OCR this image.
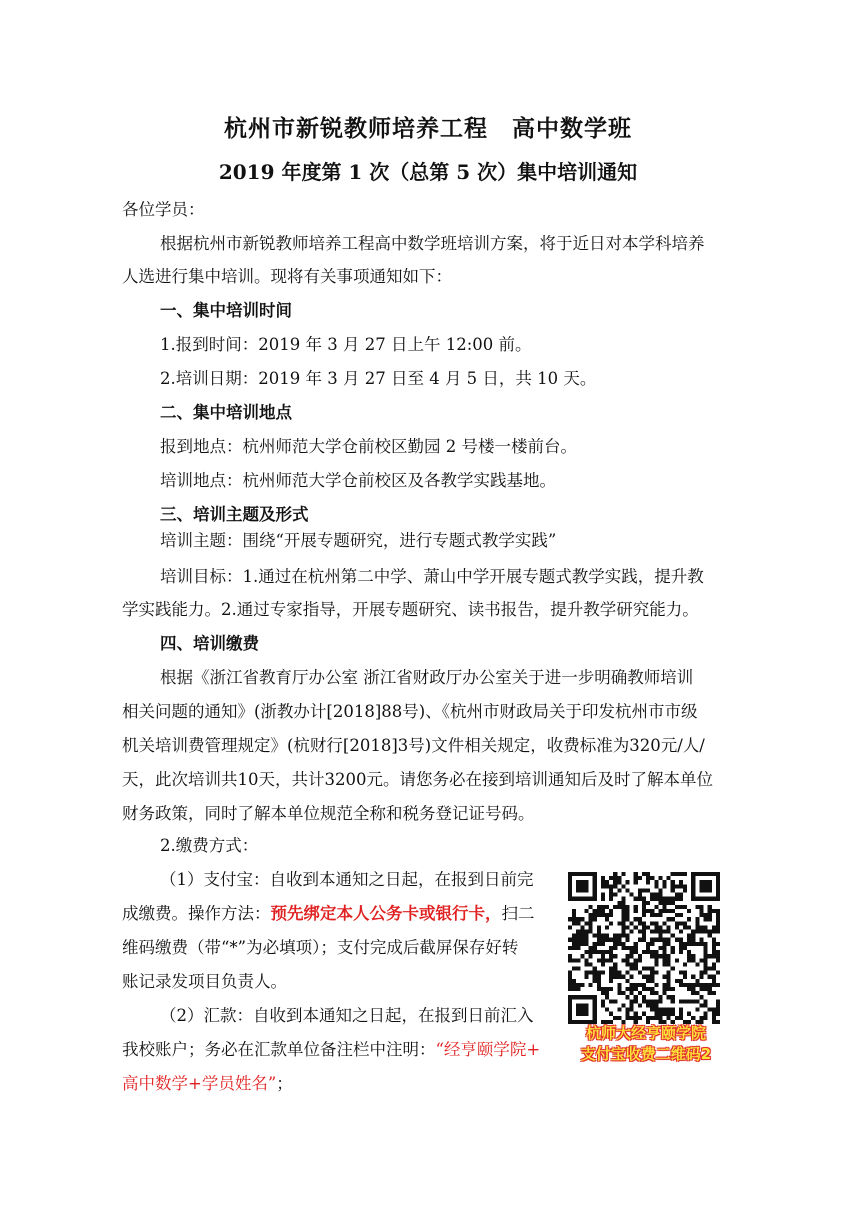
杭州市新锐教师培养工程　高中数学班
2019 年度第 1 次（总第 5 次）集中培训通知
各位学员：
根据杭州市新锐教师培养工程高中数学班培训方案，将于近日对本学科培养
人选进行集中培训。现将有关事项通知如下：
一、集中培训时间
1.报到时间：2019 年 3 月 27 日上午 12:00 前。
2.培训日期：2019 年 3 月 27 日至 4 月 5 日，共 10 天。
二、集中培训地点
报到地点：杭州师范大学仓前校区勤园 2 号楼一楼前台。
培训地点：杭州师范大学仓前校区及各教学实践基地。
三、培训主题及形式
培训主题：围绕“开展专题研究，进行专题式教学实践”
培训目标：1.通过在杭州第二中学、萧山中学开展专题式教学实践，提升教
学实践能力。2.通过专家指导，开展专题研究、读书报告，提升教学研究能力。
四、培训缴费
根据《浙江省教育厅办公室 浙江省财政厅办公室关于进一步明确教师培训
相关问题的通知》(浙教办计[2018]88号)、《杭州市财政局关于印发杭州市市级
机关培训费管理规定》(杭财行[2018]3号)文件相关规定，收费标准为320元/人/
天，此次培训共10天，共计3200元。请您务必在接到培训通知后及时了解本单位
财务政策，同时了解本单位规范全称和税务登记证号码。
2.缴费方式：
（1）支付宝：自收到本通知之日起，在报到日前完
成缴费。操作方法：预先绑定本人公务卡或银行卡，扫二
维码缴费（带“*”为必填项）；支付完成后截屏保存好转
账记录发项目负责人。
（2）汇款：自收到本通知之日起，在报到日前汇入
我校账户；务必在汇款单位备注栏中注明：“经亨颐学院+
高中数学+学员姓名”；
杭师大经亨颐学院
支付宝收费二维码2
